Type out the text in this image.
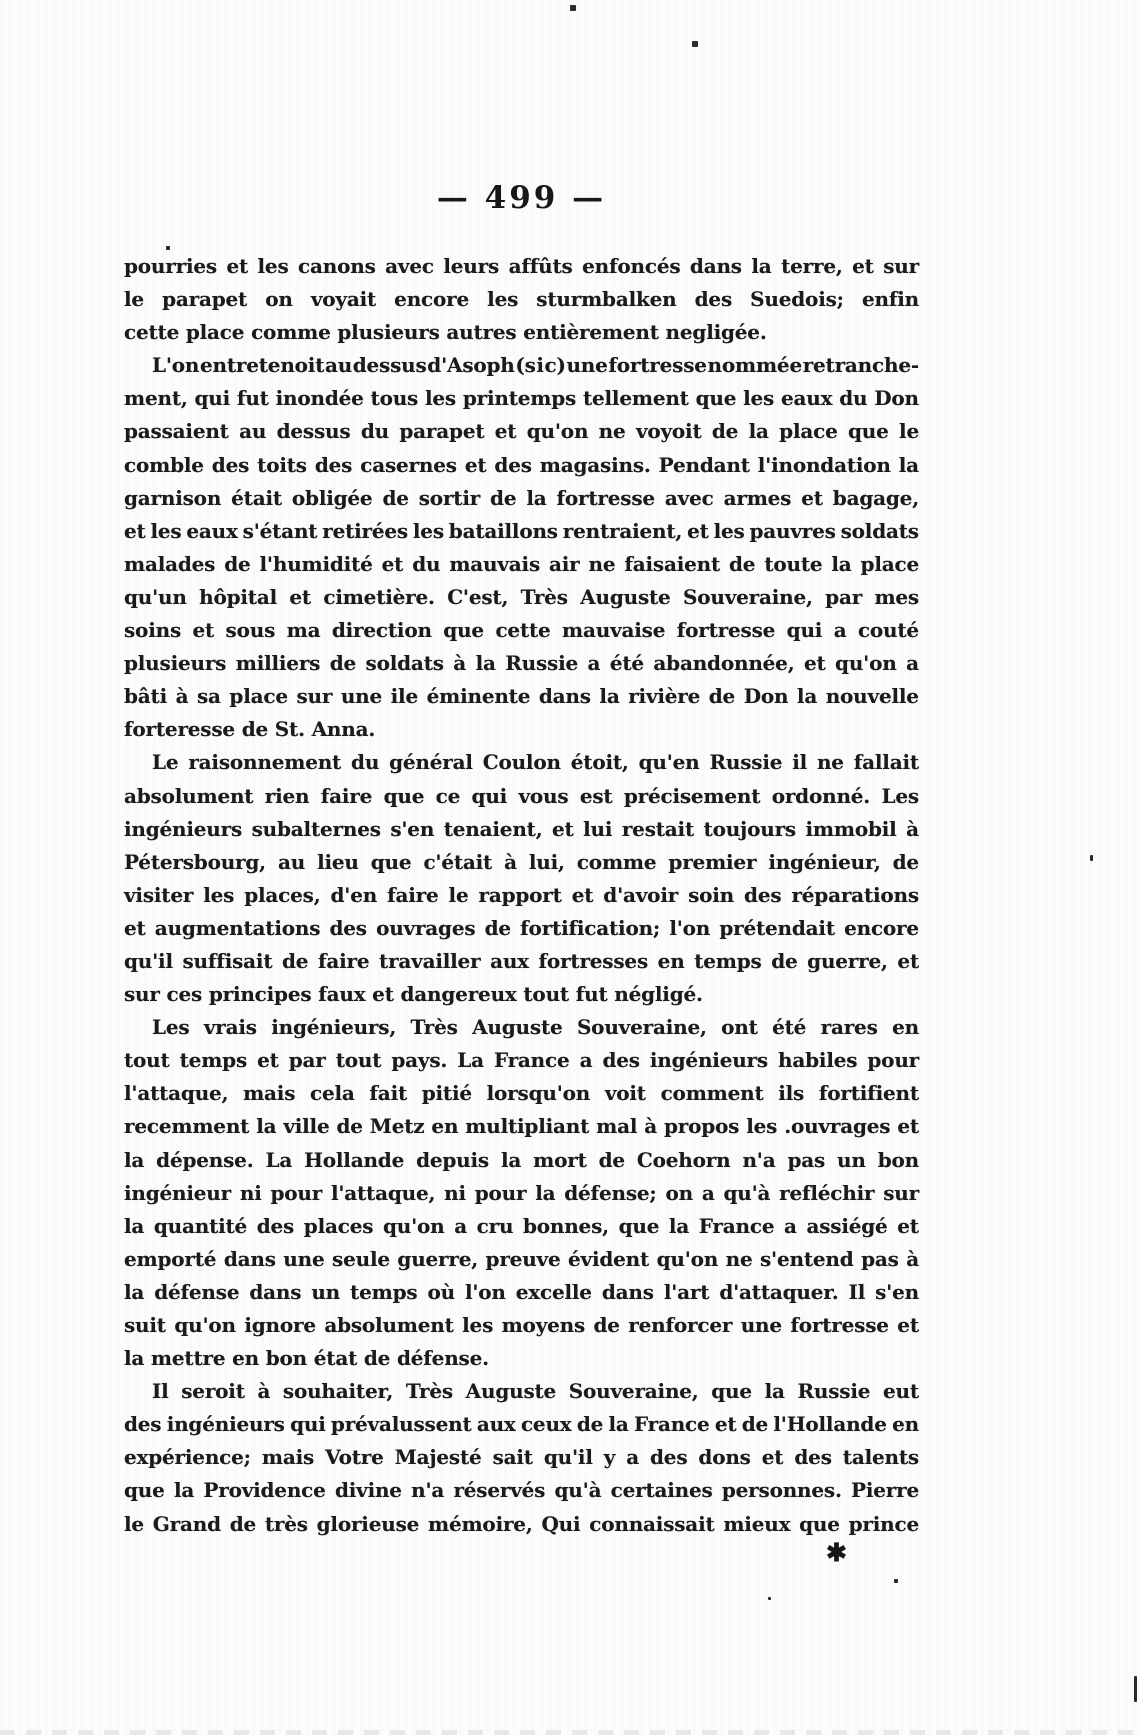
— 499 —
pourries et les canons avec leurs affûts enfoncés dans la terre, et sur
le parapet on voyait encore les sturmbalken des Suedois; enfin
cette place comme plusieurs autres entièrement negligée.
L'on entretenoit au dessus d'Asoph (s i c) une fortresse nommée retranche-
ment, qui fut inondée tous les printemps tellement que les eaux du Don
passaient au dessus du parapet et qu'on ne voyoit de la place que le
comble des toits des casernes et des magasins. Pendant l'inondation la
garnison était obligée de sortir de la fortresse avec armes et bagage,
et les eaux s'étant retirées les bataillons rentraient, et les pauvres soldats
malades de l'humidité et du mauvais air ne faisaient de toute la place
qu'un hôpital et cimetière. C'est, Très Auguste Souveraine, par mes
soins et sous ma direction que cette mauvaise fortresse qui a couté
plusieurs milliers de soldats à la Russie a été abandonnée, et qu'on a
bâti à sa place sur une ile éminente dans la rivière de Don la nouvelle
forteresse de St. Anna.
Le raisonnement du général Coulon étoit, qu'en Russie il ne fallait
absolument rien faire que ce qui vous est précisement ordonné. Les
ingénieurs subalternes s'en tenaient, et lui restait toujours immobil à
Pétersbourg, au lieu que c'était à lui, comme premier ingénieur, de
visiter les places, d'en faire le rapport et d'avoir soin des réparations
et augmentations des ouvrages de fortification; l'on prétendait encore
qu'il suffisait de faire travailler aux fortresses en temps de guerre, et
sur ces principes faux et dangereux tout fut négligé.
Les vrais ingénieurs, Très Auguste Souveraine, ont été rares en
tout temps et par tout pays. La France a des ingénieurs habiles pour
l'attaque, mais cela fait pitié lorsqu'on voit comment ils fortifient
recemment la ville de Metz en multipliant mal à propos les .ouvrages et
la dépense. La Hollande depuis la mort de Coehorn n'a pas un bon
ingénieur ni pour l'attaque, ni pour la défense; on a qu'à refléchir sur
la quantité des places qu'on a cru bonnes, que la France a assiégé et
emporté dans une seule guerre, preuve évident qu'on ne s'entend pas à
la défense dans un temps où l'on excelle dans l'art d'attaquer. Il s'en
suit qu'on ignore absolument les moyens de renforcer une fortresse et
la mettre en bon état de défense.
Il seroit à souhaiter, Très Auguste Souveraine, que la Russie eut
des ingénieurs qui prévalussent aux ceux de la France et de l'Hollande en
expérience; mais Votre Majesté sait qu'il y a des dons et des talents
que la Providence divine n'a réservés qu'à certaines personnes. Pierre
le Grand de très glorieuse mémoire, Qui connaissait mieux que prince
✱
